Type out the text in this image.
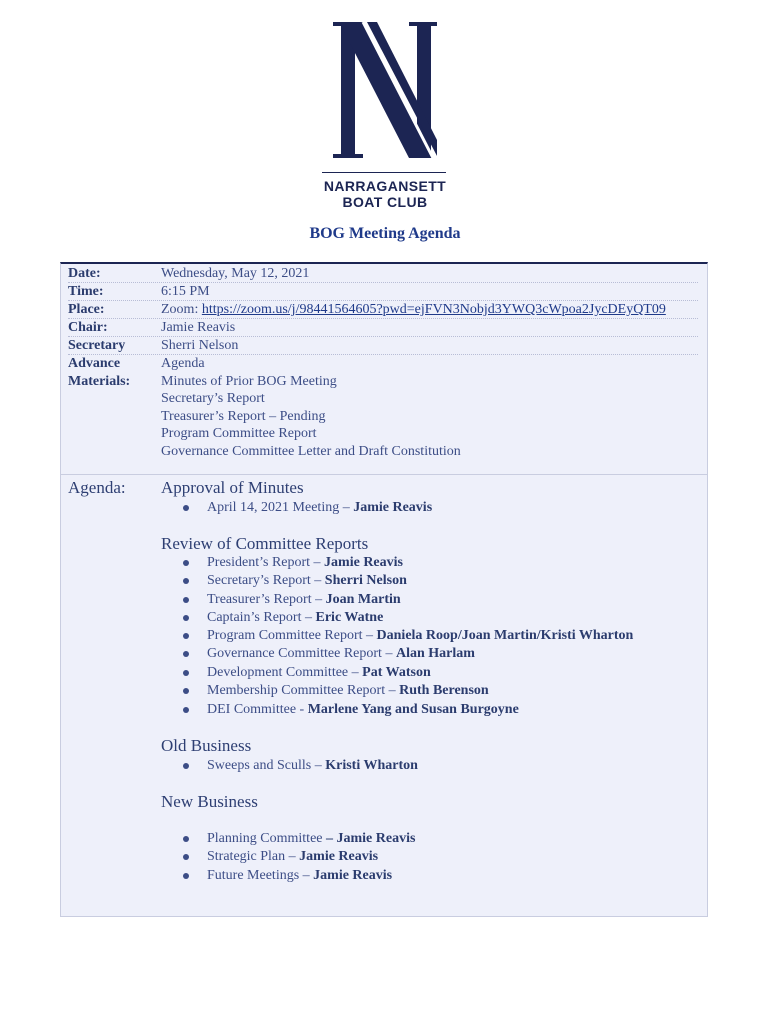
NARRAGANSETT
BOAT CLUB
BOG Meeting Agenda
Date:	Wednesday, May 12, 2021
Time:	6:15 PM
Place:	Zoom: https://zoom.us/j/98441564605?pwd=ejFVN3Nobjd3YWQ3cWpoa2JycDEyQT09
Chair:	Jamie Reavis
Secretary	Sherri Nelson
Advance	Agenda
Materials: Minutes of Prior BOG Meeting
Secretary’s Report
Treasurer’s Report – Pending
Program Committee Report
Governance Committee Letter and Draft Constitution
Agenda: Approval of Minutes
April 14, 2021 Meeting – Jamie Reavis
Review of Committee Reports
President’s Report – Jamie Reavis
Secretary’s Report – Sherri Nelson
Treasurer’s Report – Joan Martin
Captain’s Report – Eric Watne
Program Committee Report – Daniela Roop/Joan Martin/Kristi Wharton
Governance Committee Report – Alan Harlam
Development Committee – Pat Watson
Membership Committee Report – Ruth Berenson
DEI Committee - Marlene Yang and Susan Burgoyne
Old Business
Sweeps and Sculls – Kristi Wharton
New Business
Planning Committee – Jamie Reavis
Strategic Plan – Jamie Reavis
Future Meetings – Jamie Reavis
